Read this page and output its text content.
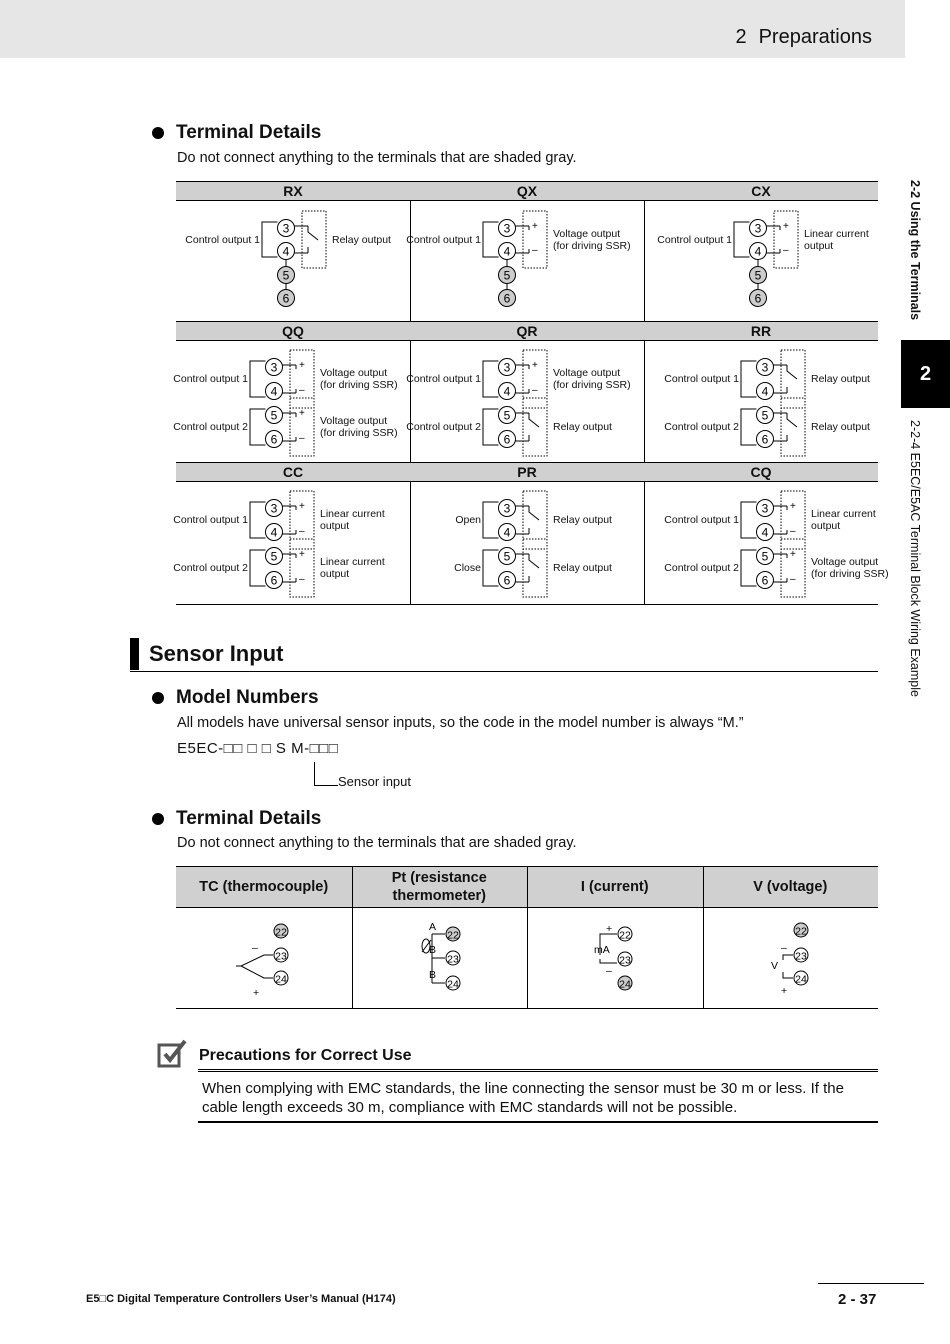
2 Preparations
2-2 Using the Terminals
2
2-2-4 E5EC/E5AC Terminal Block Wiring Example
Terminal Details
Do not connect anything to the terminals that are shaded gray.
RX
3
4
5
6
Control output 1	Relay output
QX
3
4
+
–
5
6
Control output 1	Voltage output
(for driving SSR)
CX
3
4
+
–
5
6
Control output 1	Linear current
output
QQ
3
4
+
–
5
6
+
–
Control output 1	Voltage output
(for driving SSR)
Control output 2	Voltage output
(for driving SSR)
QR
3
4
+
–
5
6
Control output 1	Voltage output
(for driving SSR)
Control output 2	Relay output
RR
3
4
5
6
Control output 1	Relay output
Control output 2	Relay output
CC
3
4
+
–
5
6
+
–
Control output 1	Linear current
output
Control output 2	Linear current
output
PR
3
4
5
6
Open	Relay output
Close	Relay output
CQ
3
4
+
–
5
6
+
–
Control output 1	Linear current
output
Control output 2	Voltage output
(for driving SSR)
Sensor Input
Model Numbers
All models have universal sensor inputs, so the code in the model number is always “M.”
E5EC-□□ □ □ S M-□□□
Sensor input
Terminal Details
Do not connect anything to the terminals that are shaded gray.
TC (thermocouple)
–
+
22
23
24
Pt (resistance thermometer)
A
B
B
22
23
24
I (current)
+
mA
–
22
23
24
V (voltage)
–
V
+
22
23
24
Precautions for Correct Use
When complying with EMC standards, the line connecting the sensor must be 30 m or less. If the cable length exceeds 30 m, compliance with EMC standards will not be possible.
E5□C Digital Temperature Controllers User’s Manual (H174)	2 - 37
